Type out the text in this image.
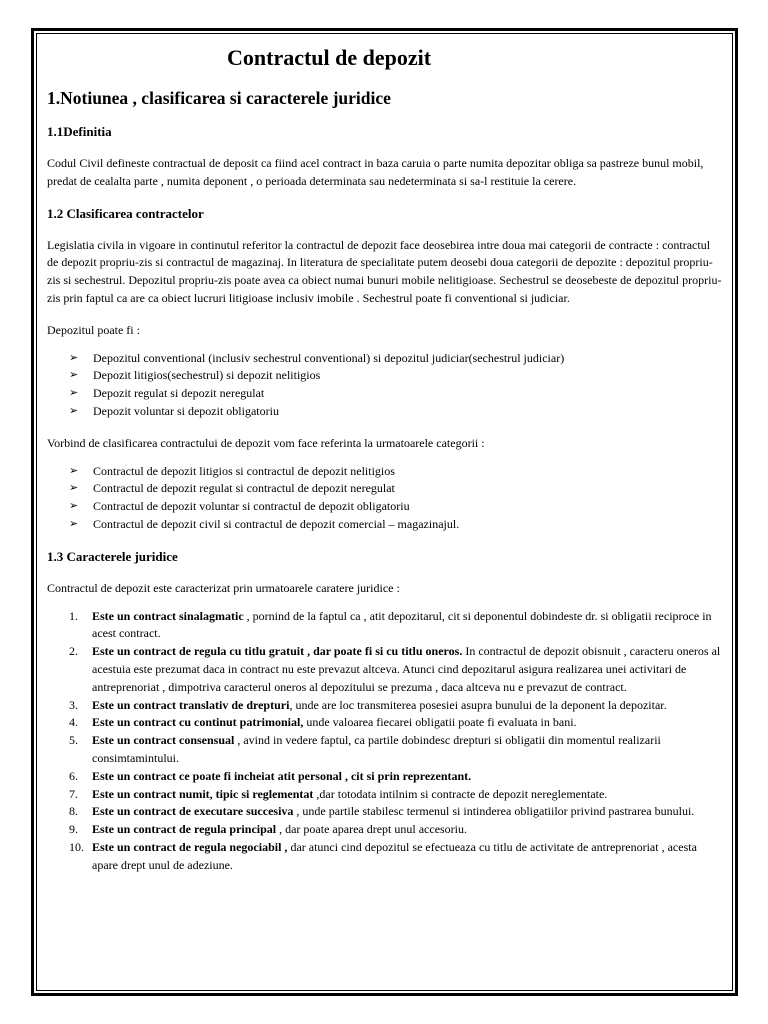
Contractul de depozit
1.Notiunea , clasificarea si caracterele juridice
1.1Definitia

Codul Civil defineste contractual de deposit ca fiind acel contract in baza caruia o parte numita depozitar obliga sa pastreze bunul mobil, predat de cealalta parte , numita deponent , o perioada determinata sau nedeterminata si sa-l restituie la cerere.

1.2 Clasificarea contractelor

Legislatia civila in vigoare in continutul referitor la contractul de depozit face deosebirea intre doua mai categorii de contracte : contractul de depozit propriu-zis si contractul de magazinaj. In literatura de specialitate putem deosebi doua categorii de depozite : depozitul propriu-zis si sechestrul. Depozitul propriu-zis poate avea ca obiect numai bunuri mobile nelitigioase. Sechestrul se deosebeste de depozitul propriu-zis prin faptul ca are ca obiect lucruri litigioase inclusiv imobile . Sechestrul poate fi conventional si judiciar.

Depozitul poate fi :

➢ Depozitul conventional (inclusiv sechestrul conventional) si depozitul judiciar(sechestrul judiciar)
➢ Depozit litigios(sechestrul) si depozit nelitigios
➢ Depozit regulat si depozit neregulat
➢ Depozit voluntar si depozit obligatoriu

Vorbind de clasificarea contractului de depozit vom face referinta la urmatoarele categorii :

➢ Contractul de depozit litigios si contractul de depozit nelitigios
➢ Contractul de depozit regulat si contractul de depozit neregulat
➢ Contractul de depozit voluntar si contractul de depozit obligatoriu
➢ Contractul de depozit civil si contractul de depozit comercial – magazinajul.
1.3 Caracterele juridice

Contractul de depozit este caracterizat prin urmatoarele caratere juridice :

1. Este un contract sinalagmatic , pornind de la faptul ca , atit depozitarul, cit si deponentul dobindeste dr. si obligatii reciproce in acest contract.
2. Este un contract de regula cu titlu gratuit , dar poate fi si cu titlu oneros. In contractul de depozit obisnuit , caracteru oneros al acestuia este prezumat daca in contract nu este prevazut altceva. Atunci cind depozitarul asigura realizarea unei activitari de antreprenoriat , dimpotriva caracterul oneros al depozitului se prezuma , daca altceva nu e prevazut de contract.
3. Este un contract translativ de drepturi, unde are loc transmiterea posesiei asupra bunului de la deponent la depozitar.
4. Este un contract cu continut patrimonial, unde valoarea fiecarei obligatii poate fi evaluata in bani.
5. Este un contract consensual , avind in vedere faptul, ca partile dobindesc drepturi si obligatii din momentul realizarii consimtamintului.
6. Este un contract ce poate fi incheiat atit personal , cit si prin reprezentant.
7. Este un contract numit, tipic si reglementat ,dar totodata intilnim si contracte de depozit nereglementate.
8. Este un contract de executare succesiva , unde partile stabilesc termenul si intinderea obligatiilor privind pastrarea bunului.
9. Este un contract de regula principal , dar poate aparea drept unul accesoriu.
10. Este un contract de regula negociabil , dar atunci cind depozitul se efectueaza cu titlu de activitate de antreprenoriat , acesta apare drept unul de adeziune.
